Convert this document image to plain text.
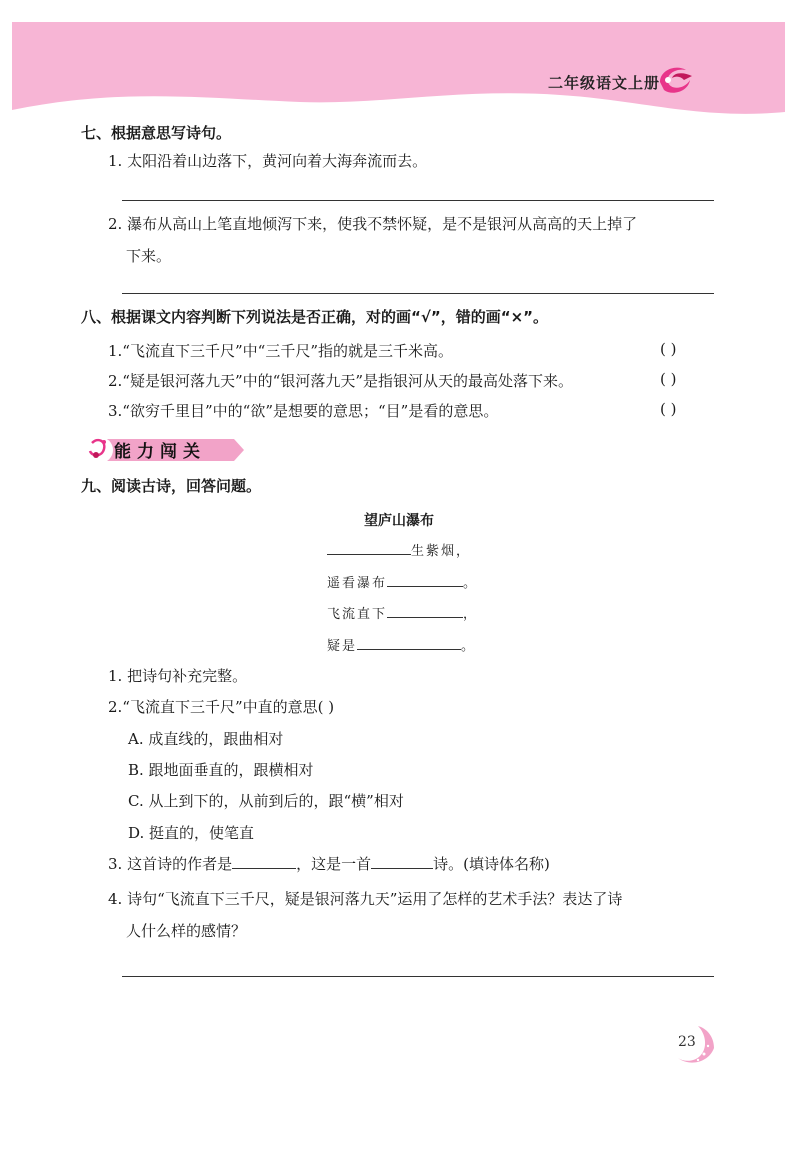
二年级语文上册
七、根据意思写诗句。
1. 太阳沿着山边落下，黄河向着大海奔流而去。
2. 瀑布从高山上笔直地倾泻下来，使我不禁怀疑，是不是银河从高高的天上掉了
下来。
八、根据课文内容判断下列说法是否正确，对的画“√”，错的画“×”。
1.“飞流直下三千尺”中“三千尺”指的就是三千米高。	( )
2.“疑是银河落九天”中的“银河落九天”是指银河从天的最高处落下来。	( )
3.“欲穷千里目”中的“欲”是想要的意思；“目”是看的意思。	( )
能力闯关
九、阅读古诗，回答问题。
望庐山瀑布
生紫烟，
遥看瀑布	。
飞流直下	，
疑是	。
1. 把诗句补充完整。
2.“飞流直下三千尺”中直的意思( )
A. 成直线的，跟曲相对
B. 跟地面垂直的，跟横相对
C. 从上到下的，从前到后的，跟“横”相对
D. 挺直的，使笔直
3. 这首诗的作者是	，这是一首	诗。(填诗体名称)
4. 诗句“飞流直下三千尺，疑是银河落九天”运用了怎样的艺术手法？表达了诗
人什么样的感情？
23
